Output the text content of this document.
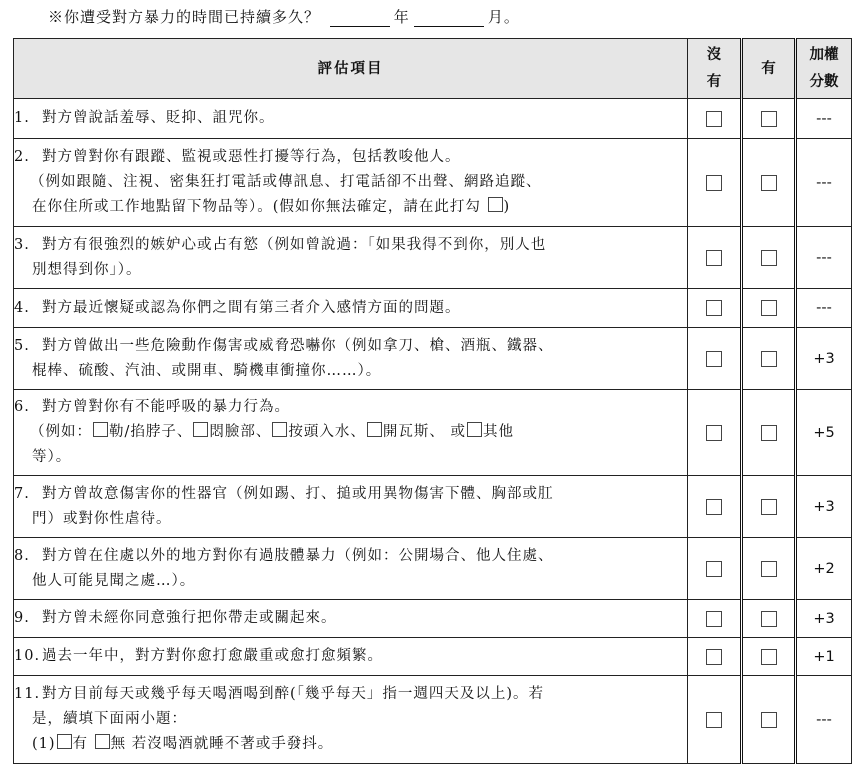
※你遭受對方暴力的時間已持續多久？	年	月。
評估項目	沒有	有	加權分數
1. 對方曾說話羞辱、貶抑、詛咒你。			---

2. 對方曾對你有跟蹤、監視或惡性打擾等行為，包括教唆他人。
（例如跟隨、注視、密集狂打電話或傳訊息、打電話卻不出聲、網路追蹤、
在你住所或工作地點留下物品等）。(假如你無法確定，請在此打勾 )			---

3. 對方有很強烈的嫉妒心或占有慾（例如曾說過：「如果我得不到你，別人也
別想得到你」）。			---
4. 對方最近懷疑或認為你們之間有第三者介入感情方面的問題。			---

5. 對方曾做出一些危險動作傷害或威脅恐嚇你（例如拿刀、槍、酒瓶、鐵器、
棍棒、硫酸、汽油、或開車、騎機車衝撞你……）。			+3

6. 對方曾對你有不能呼吸的暴力行為。
（例如： 勒/掐脖子、 悶臉部、 按頭入水、 開瓦斯、 或 其他
等）。			+5

7. 對方曾故意傷害你的性器官（例如踢、打、搥或用異物傷害下體、胸部或肛
門）或對你性虐待。			+3

8. 對方曾在住處以外的地方對你有過肢體暴力（例如：公開場合、他人住處、
他人可能見聞之處…）。			+2
9. 對方曾未經你同意強行把你帶走或關起來。			+3
10. 過去一年中，對方對你愈打愈嚴重或愈打愈頻繁。			+1

11. 對方目前每天或幾乎每天喝酒喝到醉(「幾乎每天」指一週四天及以上)。若
是，續填下面兩小題：
(1) 有 無 若沒喝酒就睡不著或手發抖。			---
